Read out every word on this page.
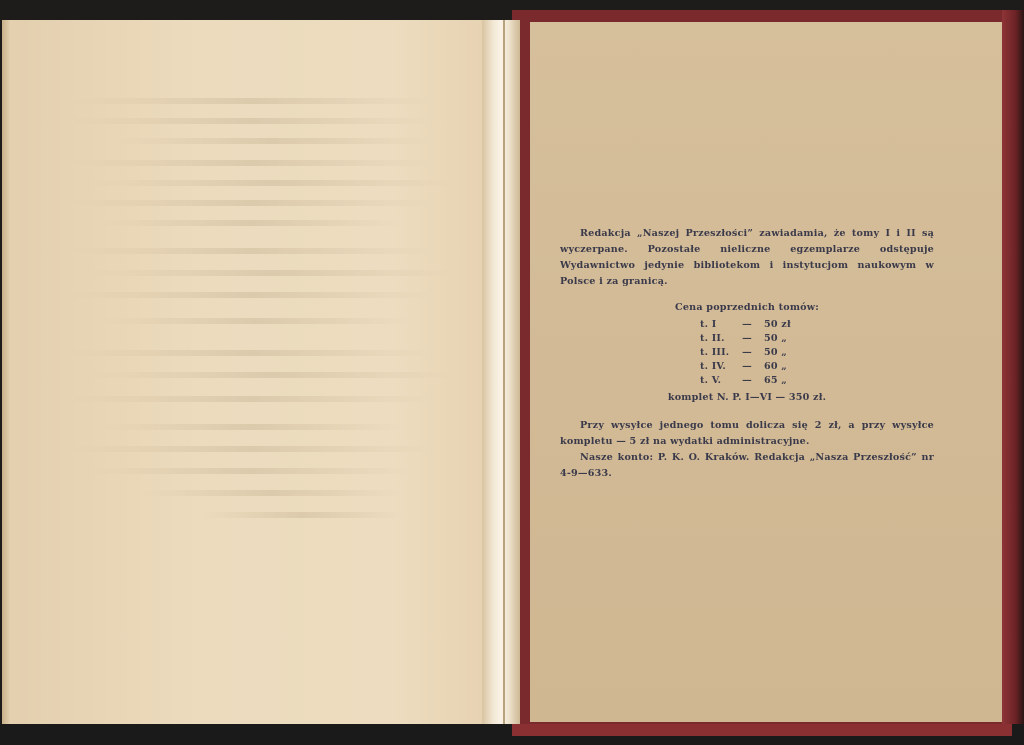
Redakcja „Naszej Przeszłości” zawiadamia, że tomy I i II są wyczerpane. Pozostałe nieliczne egzemplarze odstępuje Wydawnictwo jedynie bibliotekom i instytucjom naukowym w Polsce i za granicą.

Cena poprzednich tomów:
t. I	—	50 zł
t. II.	—	50 „
t. III.	—	50 „
t. IV.	—	60 „
t. V.	—	65 „
komplet N. P. I—VI — 350 zł.

Przy wysyłce jednego tomu dolicza się 2 zł, a przy wysyłce kompletu — 5 zł na wydatki administracyjne.

Nasze konto: P. K. O. Kraków. Redakcja „Nasza Przeszłość” nr 4-9—633.
